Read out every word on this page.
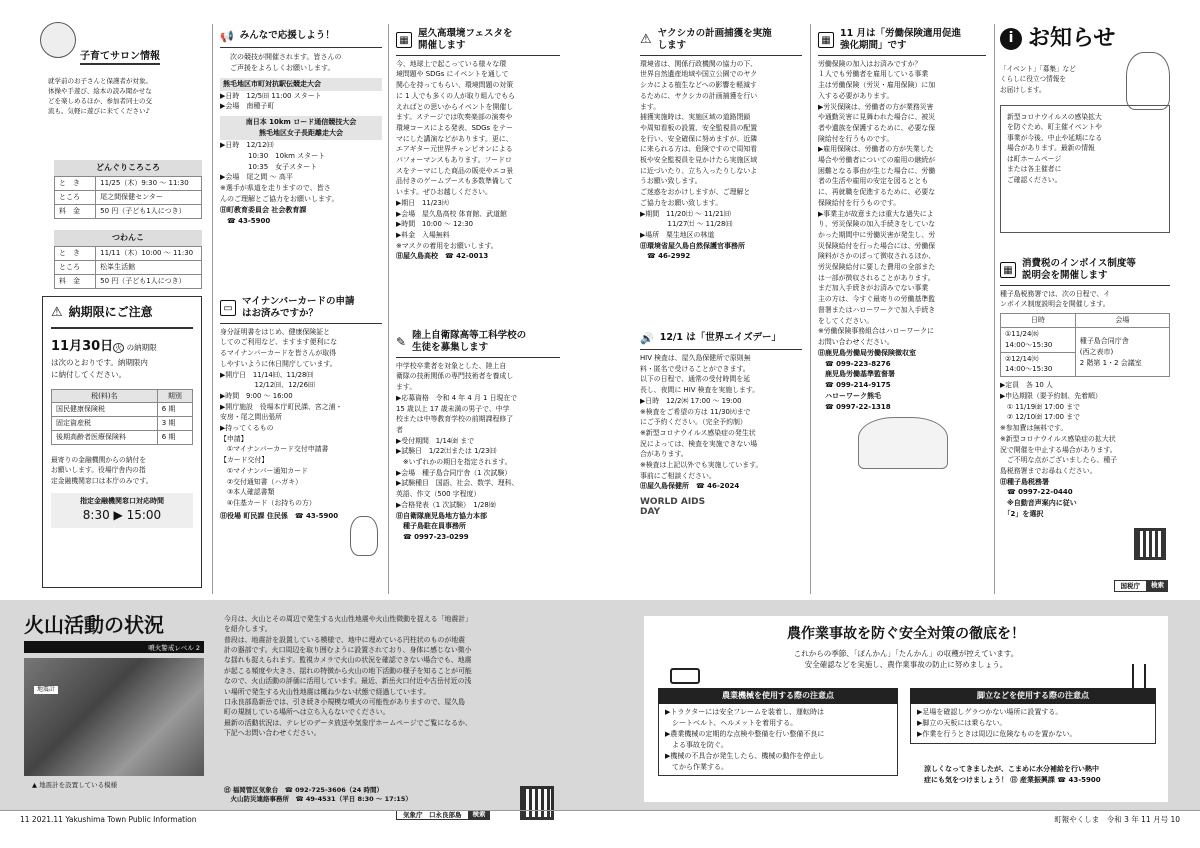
子育てサロン情報
就学前のお子さんと保護者が対象。
体操や手遊び、絵本の読み聞かせな
どを楽しめるほか、参加者同士の交
流も。気軽に遊びに来てください♪
どんぐりころころ
と　き	11/25（木）9:30 ～ 11:30
ところ	尾之間保健センター
料　金	50 円（子ども1人につき）
つわんこ
と　き	11/11（木）10:00 ～ 11:30
ところ	松峯生活館
料　金	50 円（子ども1人につき）
⚠ 納期限にご注意
11月30日 火 の納期限
は次のとおりです。納期限内
に納付してください。
税(料)名	期別
国民健康保険税	6 期
固定資産税	3 期
後期高齢者医療保険料	6 期
最寄りの金融機関からの納付を
お願いします。役場庁舎内の指
定金融機関窓口は本庁のみです。
指定金融機関窓口対応時間
8:30 ▶ 15:00
📢 みんなで応援しよう！
次の競技が開催されます。皆さんの
ご声援をよろしくお願いします。
熊毛地区市町対抗駅伝競走大会
▶日時　12/5㈰ 11:00 スタート
▶会場　南種子町
南日本 10km ロード通信競技大会
熊毛地区女子長距離走大会
▶日時　12/12㈰
　　　　10:30　10km スタート
　　　　10:35　女子スタート
▶会場　尾之間 ～ 高平
※選手が県道を走りますので、皆さ
んのご理解とご協力をお願いします。
㊐町教育委員会 社会教育課
　☎ 43-5900
▭
マイナンバーカードの申請
はお済みですか？
身分証明書をはじめ、健康保険証と
してのご利用など、ますます便利にな
るマイナンバーカードを皆さんが取得
しやすいように休日開庁しています。
▶開庁日　11/14㈰、11/28㈰
　　　　　12/12㈰、12/26㈰
▶時間　9:00 ～ 16:00
▶開庁施設　役場本庁町民課、宮之浦・
安房・尾之間出張所
▶持ってくるもの
【申請】
　①マイナンバーカード交付申請書
【カード交付】
　①マイナンバー通知カード
　②交付通知書（ハガキ）
　③本人確認書類
　④住基カード（お持ちの方）
㊐役場 町民課 住民係　☎ 43-5900
▦
屋久高環境フェスタを
開催します
今、地球上で起こっている様々な環
境問題や SDGs にイベントを通して
関心を持ってもらい、環境問題の対策
に 1 人でも多くの人が取り組んでもら
えればとの思いからイベントを開催し
ます。ステージでは吹奏楽部の演奏や
環境コースによる発表、SDGs をテー
マにした講演などがあります。更に、
エアギター元世界チャンピオンによる
パフォーマンスもあります。フードロ
スをテーマにした商品の販売やエコ景
品付きのゲームブースも多数準備して
います。ぜひお越しください。
▶期日　11/23㈫
▶会場　屋久島高校 体育館、武道館
▶時間　10:00 ～ 12:30
▶料金　入場無料
※マスクの着用をお願いします。
㊐屋久島高校　☎ 42-0013
✎ 陸上自衛隊高等工科学校の
生徒を募集します
中学校卒業者を対象とした、陸上自
衛隊の技術関係の専門技術者を養成し
ます。
▶応募資格　令和 4 年 4 月 1 日現在で
15 歳以上 17 歳未満の男子で、中学
校または中等教育学校の前期課程修了
者
▶受付期間　1/14㈮ まで
▶試験日　1/22㈯または 1/23㈰
　※いずれかの期日を指定されます。
▶会場　種子島合同庁舎（1 次試験）
▶試験種目　国語、社会、数学、理科、
英語、作文（500 字程度）
▶合格発表（1 次試験）　1/28㈮
㊐自衛隊鹿児島地方協力本部
　種子島駐在員事務所
　☎ 0997-23-0299
⚠ ヤクシカの計画捕獲を実施
します
環境省は、関係行政機関の協力の下、
世界自然遺産地域や国立公園でのヤク
シカによる植生などへの影響を軽減す
るために、ヤクシカの計画捕獲を行い
ます。
捕獲実施時は、実施区域の道路閉鎖
や周知看板の設置、安全監視員の配置
を行い、安全確保に努めますが、近隣
に来られる方は、危険ですので周知看
板や安全監視員を見かけたら実施区域
に近づいたり、立ち入ったりしないよ
うお願い致します。
ご迷惑をおかけしますが、ご理解と
ご協力をお願い致します。
▶期間　11/20㈯ ～ 11/21㈰
　　　　11/27㈯ ～ 11/28㈰
▶場所　栗生地区の林道
㊐環境省屋久島自然保護官事務所
　☎ 46-2992
🔊 12/1 は「世界エイズデー」
HIV 検査は、屋久島保健所で原則無
料・匿名で受けることができます。
以下の日程で、通常の受付時間を延
長し、夜間に HIV 検査を実施します。
▶日時　12/2㈭ 17:00 ～ 19:00
※検査をご希望の方は 11/30㈫まで
にご予約ください。（完全予約制）
※新型コロナウイルス感染症の発生状
況によっては、検査を実施できない場
合があります。
※検査は上記以外でも実施しています。
事前にご相談ください。
㊐屋久島保健所　☎ 46-2024
WORLD AIDS DAY
▦
11 月は「労働保険適用促進
強化期間」です
労働保険の加入はお済みですか？
１人でも労働者を雇用している事業
主は労働保険（労災・雇用保険）に加
入する必要があります。
▶労災保険は、労働者の方が業務災害
や通勤災害に見舞われた場合に、被災
者や遺族を保護するために、必要な保
険給付を行うものです。
▶雇用保険は、労働者の方が失業した
場合や労働者についての雇用の継続が
困難となる事由が生じた場合に、労働
者の生活や雇用の安定を図るととも
に、再就職を促進するために、必要な
保険給付を行うものです。
▶事業主が故意または重大な過失によ
り、労災保険の加入手続きをしていな
かった期間中に労働災害が発生し、労
災保険給付を行った場合には、労働保
険料がさかのぼって徴収されるほか、
労災保険給付に要した費用の全部また
は一部が徴収されることがあります。
まだ加入手続きがお済みでない事業
主の方は、今すぐ最寄りの労働基準監
督署またはハローワークで加入手続き
をしてください。
※労働保険事務組合はハローワークに
お問い合わせください。
㊐鹿児島労働局労働保険徴収室
　☎ 099-223-8276
　鹿児島労働基準監督署
　☎ 099-214-9175
　ハローワーク熊毛
　☎ 0997-22-1318
i お知らせ
「イベント」「募集」など
くらしに役立つ情報を
お届けします。
新型コロナウイルスの感染拡大
を防ぐため、町主催イベントや
事業が今後、中止や延期になる
場合があります。最新の情報
は町ホームページ
または各主催者に
ご確認ください。
▦
消費税のインボイス制度等
説明会を開催します
種子島税務署では、次の日程で、イ
ンボイス制度説明会を開催します。
日時	会場
①11/24㈬
14:00～15:30	種子島合同庁舎
(西之表市)
2 階第 1・2 会議室
②12/14㈫
14:00～15:30	
▶定員　各 10 人
▶申込期限（要予約制、先着順）
　① 11/19㈮ 17:00 まで
　② 12/10㈮ 17:00 まで
※参加費は無料です。
※新型コロナウイルス感染症の拡大状
況で開催を中止する場合があります。
　ご不明な点がございましたら、種子
島税務署までお尋ねください。
㊐種子島税務署
　☎ 0997-22-0440
　※自動音声案内に従い
　「2」を選択
国税庁	検索
火山活動の状況
噴火警戒レベル 2
地震計
▲ 地震計を設置している模様
今月は、火山とその周辺で発生する火山性地震や火山性微動を捉える「地震計」
を紹介します。
普段は、地震計を設置している模様で、地中に埋めている円柱状のものが地震
計の器部です。火口周辺を取り囲むように設置されており、身体に感じない微小
な揺れも捉えられます。監視カメラで火山の状況を確認できない場合でも、地震
が起こる頻度や大きさ、揺れの特徴から火山の地下活動の様子を知ることが可能
なので、火山活動の評価に活用しています。最近、新岳火口付近や古岳付近の浅
い場所で発生する火山性地震は概ね少ない状態で経過しています。
口永良部島新岳では、引き続き小規模な噴火の可能性がありますので、屋久島
町の規制している場所へは立ち入らないでください。
最新の活動状況は、テレビのデータ放送や気象庁ホームページでご覧になるか、
下記へお問い合わせください。
㊐ 福岡管区気象台　☎ 092-725-3606（24 時間）
　火山防災連絡事務所　☎ 49-4531（平日 8:30 ～ 17:15）
気象庁　口永良部島	検索
農作業事故を防ぐ安全対策の徹底を！
これからの季節、「ぽんかん」「たんかん」の収穫が控えています。
安全確認などを実施し、農作業事故の防止に努めましょう。
農業機械を使用する際の注意点
▶トラクターには安全フレームを装着し、運転時は
　シートベルト、ヘルメットを着用する。
▶農業機械の定期的な点検や整備を行い整備不良に
　よる事故を防ぐ。
▶機械の不具合が発生したら、機械の動作を停止し
　てから作業する。
脚立などを使用する際の注意点
▶足場を確認しグラつかない場所に設置する。
▶脚立の天板には乗らない。
▶作業を行うときは周辺に危険なものを置かない。
涼しくなってきましたが、こまめに水分補給を行い熱中
症にも気をつけましょう！ ㊐ 産業振興課 ☎ 43-5900
11 2021.11 Yakushima Town Public Information	町報やくしま　令和 3 年 11 月号 10
